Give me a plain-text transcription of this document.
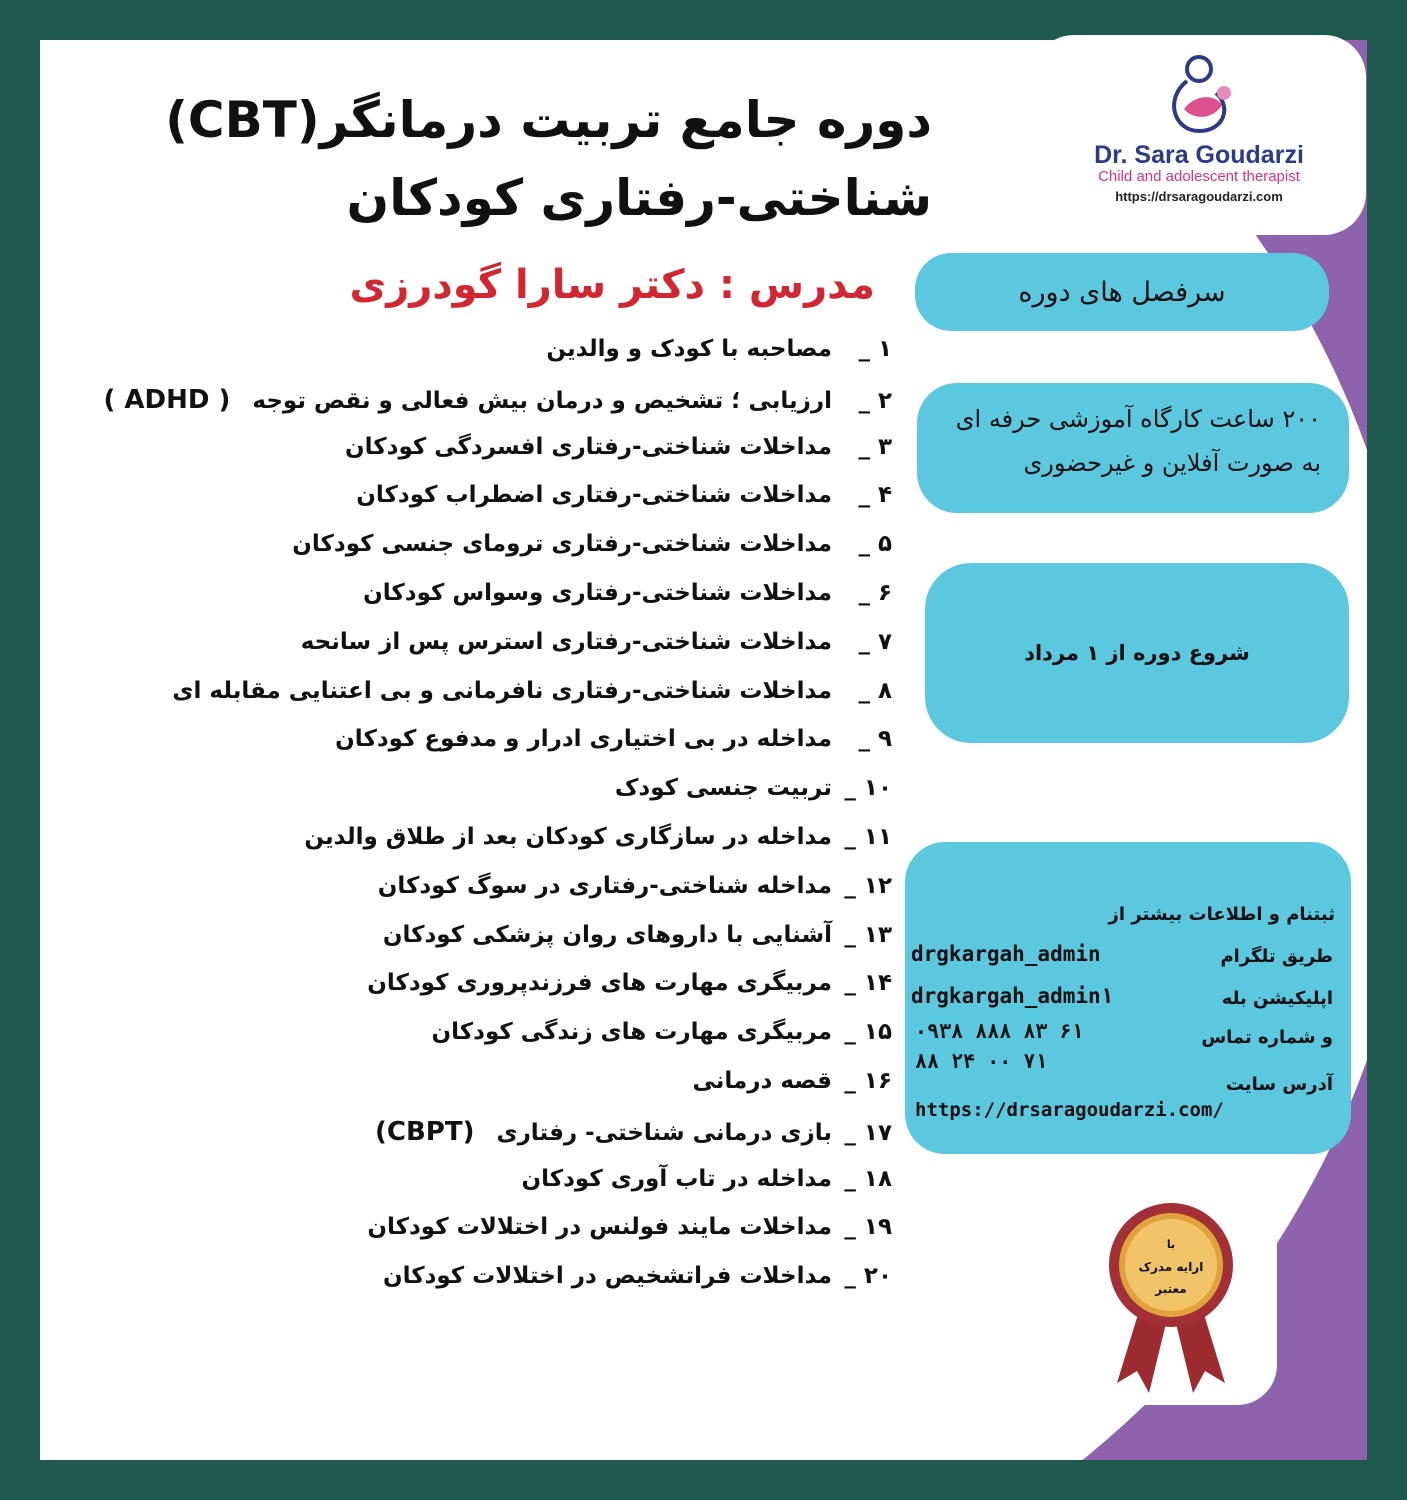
Dr. Sara Goudarzi
Child and adolescent therapist
https://drsaragoudarzi.com
دوره جامع تربیت درمانگر(CBT)
شناختی-رفتاری کودکان
مدرس : دکتر سارا گودرزی	سرفصل های دوره
۲۰۰ ساعت کارگاه آموزشی حرفه ای
به صورت آفلاین و غیرحضوری
شروع دوره از ۱ مرداد
ثبتنام و اطلاعات بیشتر از
طریق تلگرام
drgkargah_admin
اپلیکیشن بله
drgkargah_admin۱
و شماره تماس
۰۹۳۸ ۸۸۸ ۸۳ ۶۱
۸۸ ۲۴ ۰۰ ۷۱
آدرس سایت
https://drsaragoudarzi.com/
با
ارایه مدرک
معتبر
۱ _مصاحبه با کودک و والدین
۲ _ارزیابی ؛ تشخیص و درمان بیش فعالی و نقص توجه( ADHD )
۳ _مداخلات شناختی-رفتاری افسردگی کودکان
۴ _مداخلات شناختی-رفتاری اضطراب کودکان
۵ _مداخلات شناختی-رفتاری ترومای جنسی کودکان
۶ _مداخلات شناختی-رفتاری وسواس کودکان
۷ _مداخلات شناختی-رفتاری استرس پس از سانحه
۸ _مداخلات شناختی-رفتاری نافرمانی و بی اعتنایی مقابله ای
۹ _مداخله در بی اختیاری ادرار و مدفوع کودکان
۱۰ _تربیت جنسی کودک
۱۱ _مداخله در سازگاری کودکان بعد از طلاق والدین
۱۲ _مداخله شناختی-رفتاری در سوگ کودکان
۱۳ _آشنایی با داروهای روان پزشکی کودکان
۱۴ _مربیگری مهارت های فرزندپروری کودکان
۱۵ _مربیگری مهارت های زندگی کودکان
۱۶ _قصه درمانی
۱۷ _بازی درمانی شناختی- رفتاری(CBPT)
۱۸ _مداخله در تاب آوری کودکان
۱۹ _مداخلات مایند فولنس در اختلالات کودکان
۲۰ _مداخلات فراتشخیص در اختلالات کودکان
